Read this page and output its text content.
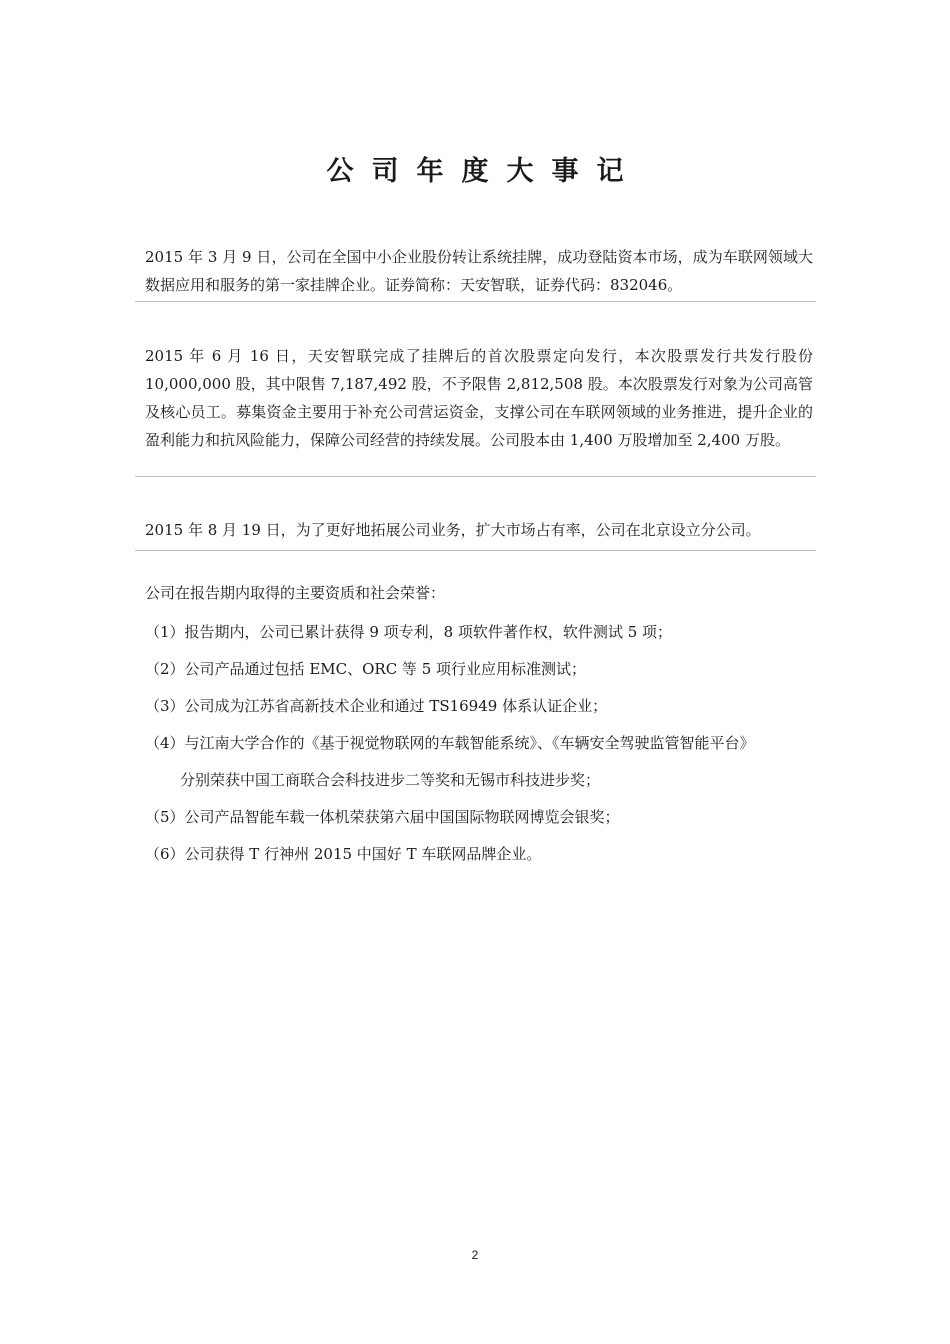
公司年度大事记

2015 年 3 月 9 日，公司在全国中小企业股份转让系统挂牌，成功登陆资本市场，成为车联网领域大数据应用和服务的第一家挂牌企业。证券简称：天安智联，证券代码：832046。

2015 年 6 月 16 日，天安智联完成了挂牌后的首次股票定向发行，本次股票发行共发行股份 10,000,000 股，其中限售 7,187,492 股，不予限售 2,812,508 股。本次股票发行对象为公司高管及核心员工。募集资金主要用于补充公司营运资金，支撑公司在车联网领域的业务推进，提升企业的盈利能力和抗风险能力，保障公司经营的持续发展。公司股本由 1,400 万股增加至 2,400 万股。

2015 年 8 月 19 日，为了更好地拓展公司业务，扩大市场占有率，公司在北京设立分公司。

公司在报告期内取得的主要资质和社会荣誉：
（1）报告期内，公司已累计获得 9 项专利，8 项软件著作权，软件测试 5 项；
（2）公司产品通过包括 EMC、ORC 等 5 项行业应用标准测试；
（3）公司成为江苏省高新技术企业和通过 TS16949 体系认证企业；
（4）与江南大学合作的《基于视觉物联网的车载智能系统》、《车辆安全驾驶监管智能平台》
分别荣获中国工商联合会科技进步二等奖和无锡市科技进步奖；
（5）公司产品智能车载一体机荣获第六届中国国际物联网博览会银奖；
（6）公司获得 T 行神州 2015 中国好 T 车联网品牌企业。
2
